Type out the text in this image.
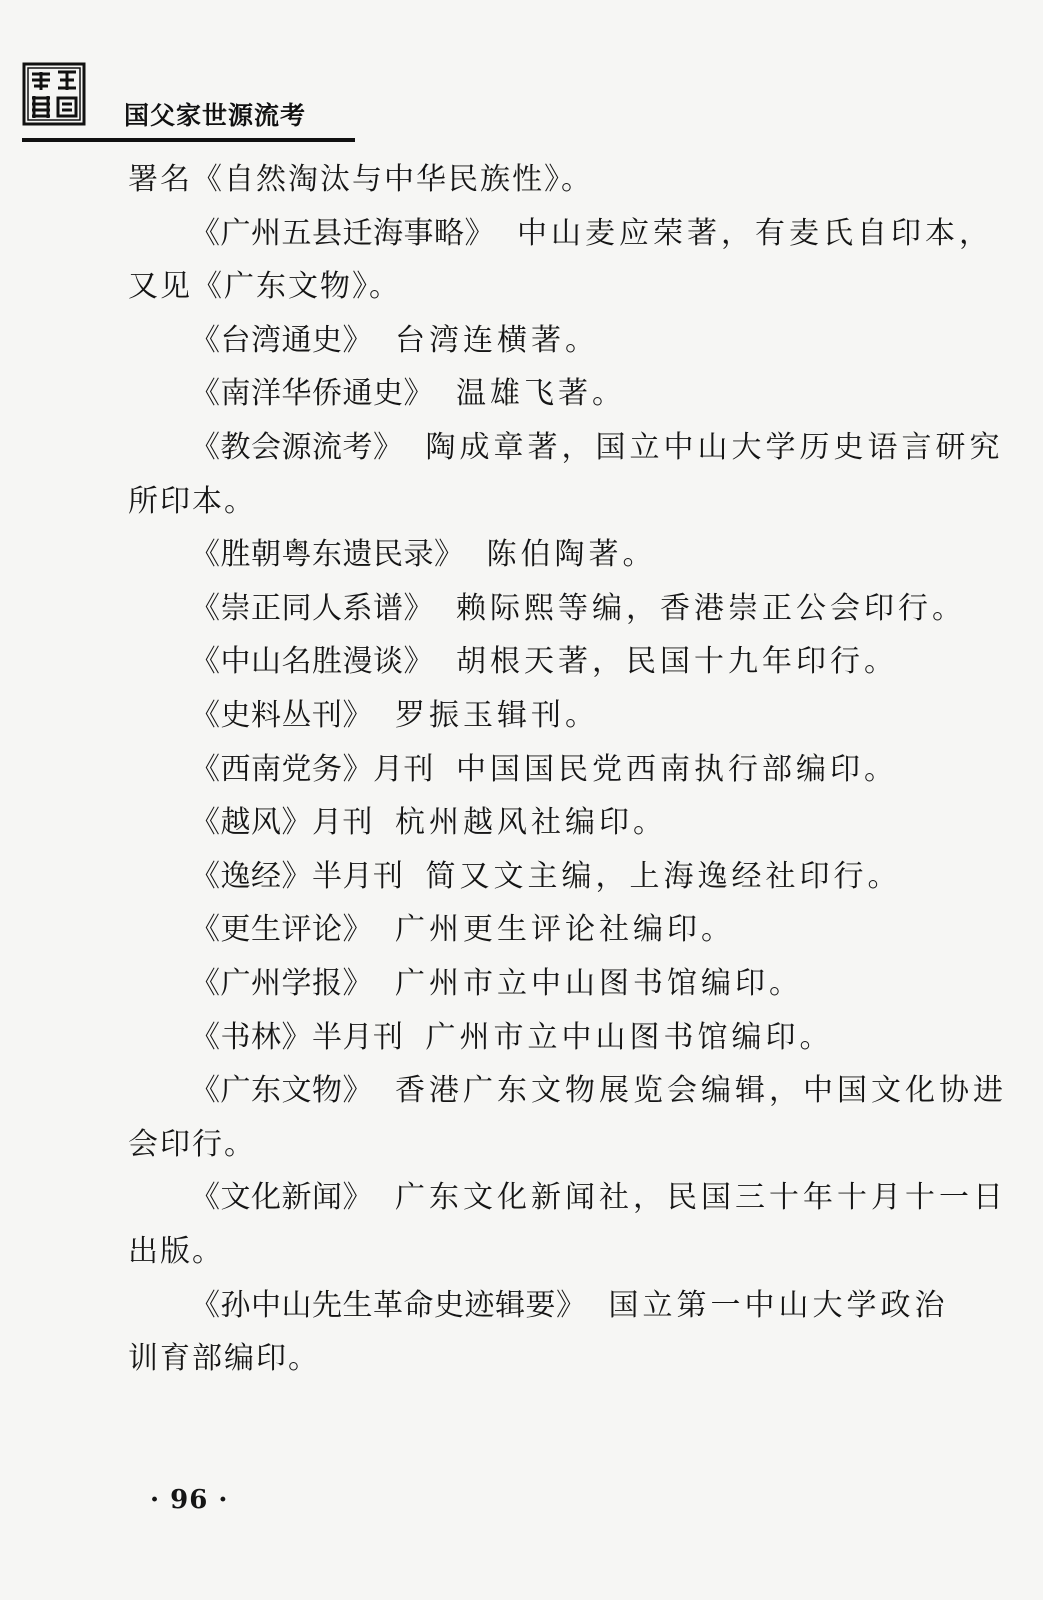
国父家世源流考
署名《自然淘汰与中华民族性》。
《广州五县迁海事略》 中山麦应荣著，有麦氏自印本，
又见《广东文物》。
《台湾通史》 台湾连横著。
《南洋华侨通史》 温雄飞著。
《教会源流考》 陶成章著，国立中山大学历史语言研究
所印本。
《胜朝粤东遗民录》 陈伯陶著。
《崇正同人系谱》 赖际熙等编，香港崇正公会印行。
《中山名胜漫谈》 胡根天著，民国十九年印行。
《史料丛刊》 罗振玉辑刊。
《西南党务》月刊 中国国民党西南执行部编印。
《越风》月刊 杭州越风社编印。
《逸经》半月刊 简又文主编，上海逸经社印行。
《更生评论》 广州更生评论社编印。
《广州学报》 广州市立中山图书馆编印。
《书林》半月刊 广州市立中山图书馆编印。
《广东文物》 香港广东文物展览会编辑，中国文化协进
会印行。
《文化新闻》 广东文化新闻社，民国三十年十月十一日
出版。
《孙中山先生革命史迹辑要》 国立第一中山大学政治
训育部编印。
· 96 ·
